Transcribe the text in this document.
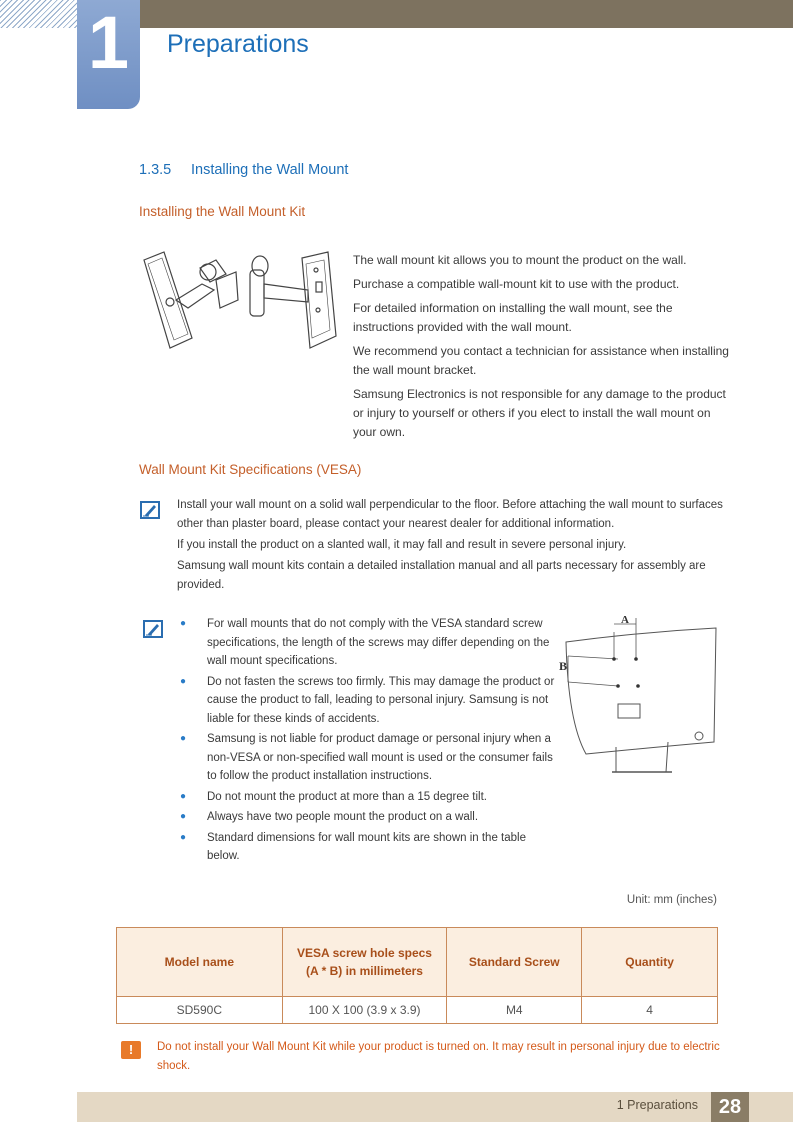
1	Preparations
1.3.5 Installing the Wall Mount
Installing the Wall Mount Kit

The wall mount kit allows you to mount the product on the wall.

Purchase a compatible wall-mount kit to use with the product.

For detailed information on installing the wall mount, see the instructions provided with the wall mount.

We recommend you contact a technician for assistance when installing the wall mount bracket.

Samsung Electronics is not responsible for any damage to the product or injury to yourself or others if you elect to install the wall mount on your own.

Wall Mount Kit Specifications (VESA)

Install your wall mount on a solid wall perpendicular to the floor. Before attaching the wall mount to surfaces other than plaster board, please contact your nearest dealer for additional information.

If you install the product on a slanted wall, it may fall and result in severe personal injury.

Samsung wall mount kits contain a detailed installation manual and all parts necessary for assembly are provided.

● For wall mounts that do not comply with the VESA standard screw specifications, the length of the screws may differ depending on the wall mount specifications.
● Do not fasten the screws too firmly. This may damage the product or cause the product to fall, leading to personal injury. Samsung is not liable for these kinds of accidents.
● Samsung is not liable for product damage or personal injury when a non-VESA or non-specified wall mount is used or the consumer fails to follow the product installation instructions.
● Do not mount the product at more than a 15 degree tilt.
● Always have two people mount the product on a wall.
● Standard dimensions for wall mount kits are shown in the table below.
A
B
Unit: mm (inches)
Model name	VESA screw hole specs (A * B) in millimeters	Standard Screw	Quantity
SD590C	100 X 100 (3.9 x 3.9)	M4	4
!	Do not install your Wall Mount Kit while your product is turned on. It may result in personal injury due to electric shock.
1 Preparations	28
